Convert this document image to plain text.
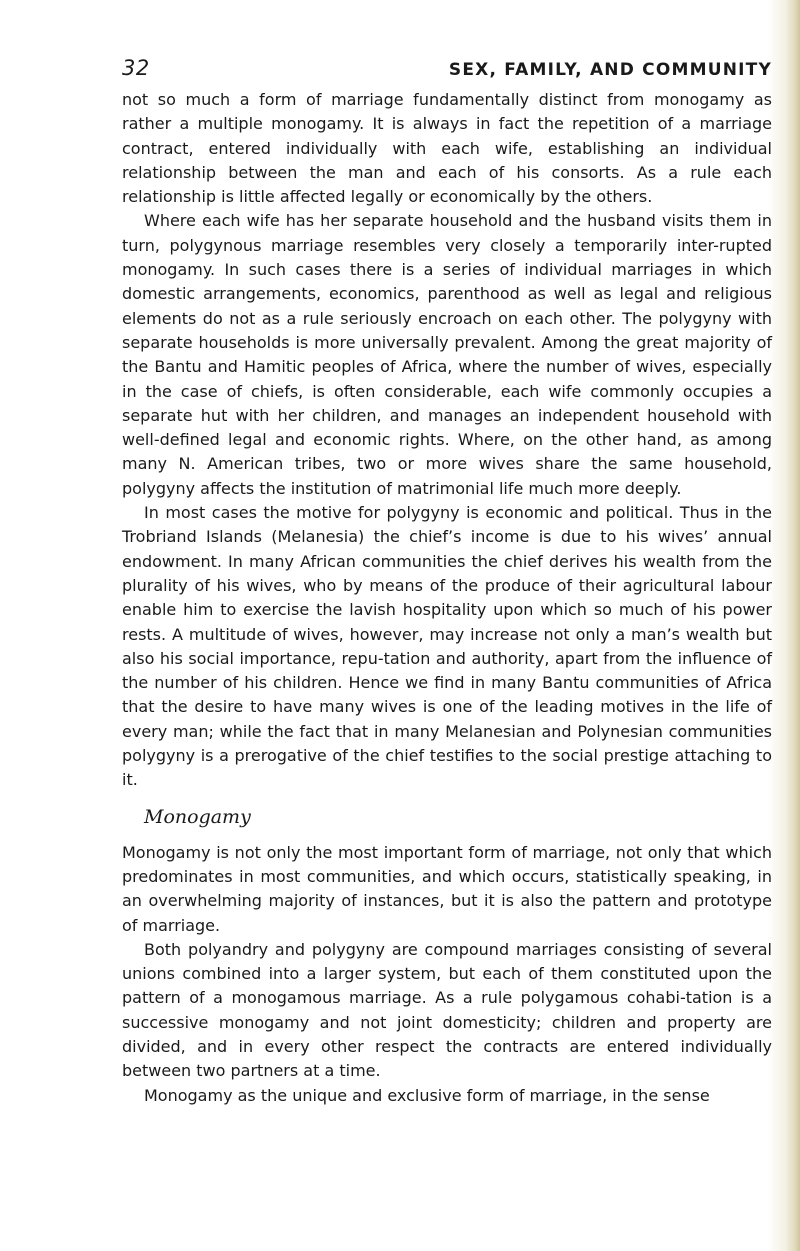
32	SEX, FAMILY, AND COMMUNITY

not so much a form of marriage fundamentally distinct from monogamy as rather a multiple monogamy. It is always in fact the repetition of a marriage contract, entered individually with each wife, establishing an individual relationship between the man and each of his consorts. As a rule each relationship is little affected legally or economically by the others.

Where each wife has her separate household and the husband visits them in turn, polygynous marriage resembles very closely a temporarily inter-rupted monogamy. In such cases there is a series of individual marriages in which domestic arrangements, economics, parenthood as well as legal and religious elements do not as a rule seriously encroach on each other. The polygyny with separate households is more universally prevalent. Among the great majority of the Bantu and Hamitic peoples of Africa, where the number of wives, especially in the case of chiefs, is often considerable, each wife commonly occupies a separate hut with her children, and manages an independent household with well-defined legal and economic rights. Where, on the other hand, as among many N. American tribes, two or more wives share the same household, polygyny affects the institution of matrimonial life much more deeply.

In most cases the motive for polygyny is economic and political. Thus in the Trobriand Islands (Melanesia) the chief’s income is due to his wives’ annual endowment. In many African communities the chief derives his wealth from the plurality of his wives, who by means of the produce of their agricultural labour enable him to exercise the lavish hospitality upon which so much of his power rests. A multitude of wives, however, may increase not only a man’s wealth but also his social importance, repu-tation and authority, apart from the influence of the number of his children. Hence we find in many Bantu communities of Africa that the desire to have many wives is one of the leading motives in the life of every man; while the fact that in many Melanesian and Polynesian communities polygyny is a prerogative of the chief testifies to the social prestige attaching to it.

Monogamy

Monogamy is not only the most important form of marriage, not only that which predominates in most communities, and which occurs, statistically speaking, in an overwhelming majority of instances, but it is also the pattern and prototype of marriage.

Both polyandry and polygyny are compound marriages consisting of several unions combined into a larger system, but each of them constituted upon the pattern of a monogamous marriage. As a rule polygamous cohabi-tation is a successive monogamy and not joint domesticity; children and property are divided, and in every other respect the contracts are entered individually between two partners at a time.

Monogamy as the unique and exclusive form of marriage, in the sense
